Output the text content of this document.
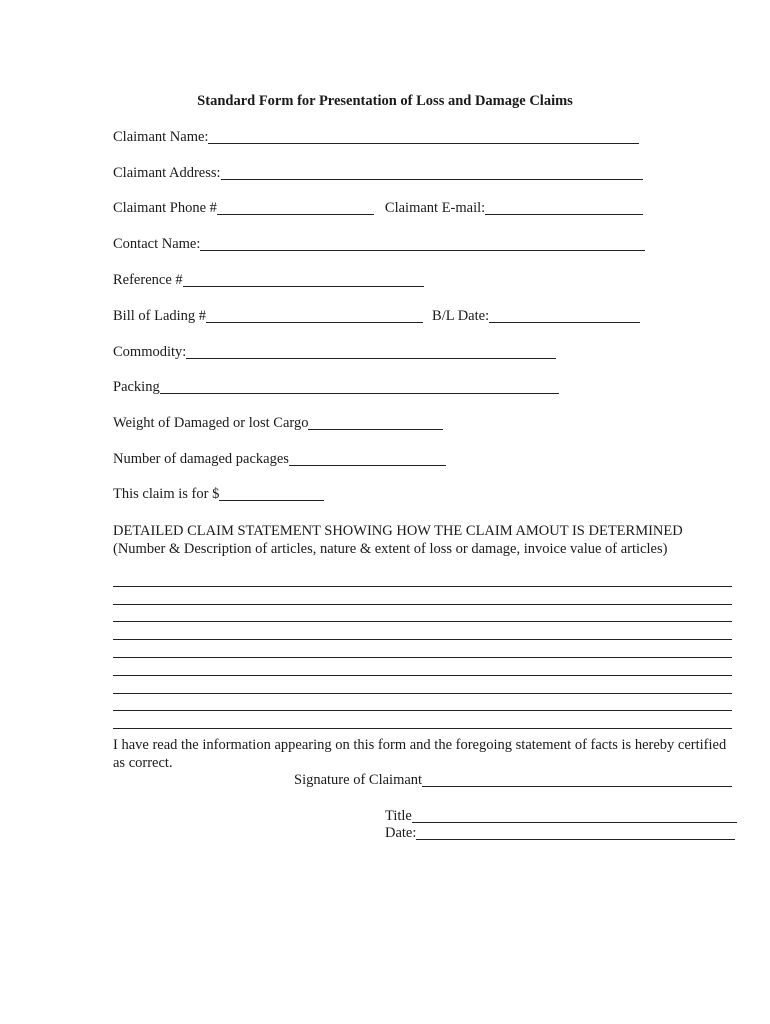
Standard Form for Presentation of Loss and Damage Claims
Claimant Name:
Claimant Address:
Claimant Phone #	Claimant E-mail:
Contact Name:
Reference #
Bill of Lading #	B/L Date:
Commodity:
Packing
Weight of Damaged or lost Cargo
Number of damaged packages
This claim is for $
DETAILED CLAIM STATEMENT SHOWING HOW THE CLAIM AMOUT IS DETERMINED
(Number & Description of articles, nature & extent of loss or damage, invoice value of articles)
I have read the information appearing on this form and the foregoing statement of facts is hereby certified as correct.
Signature of Claimant
Title
Date:
